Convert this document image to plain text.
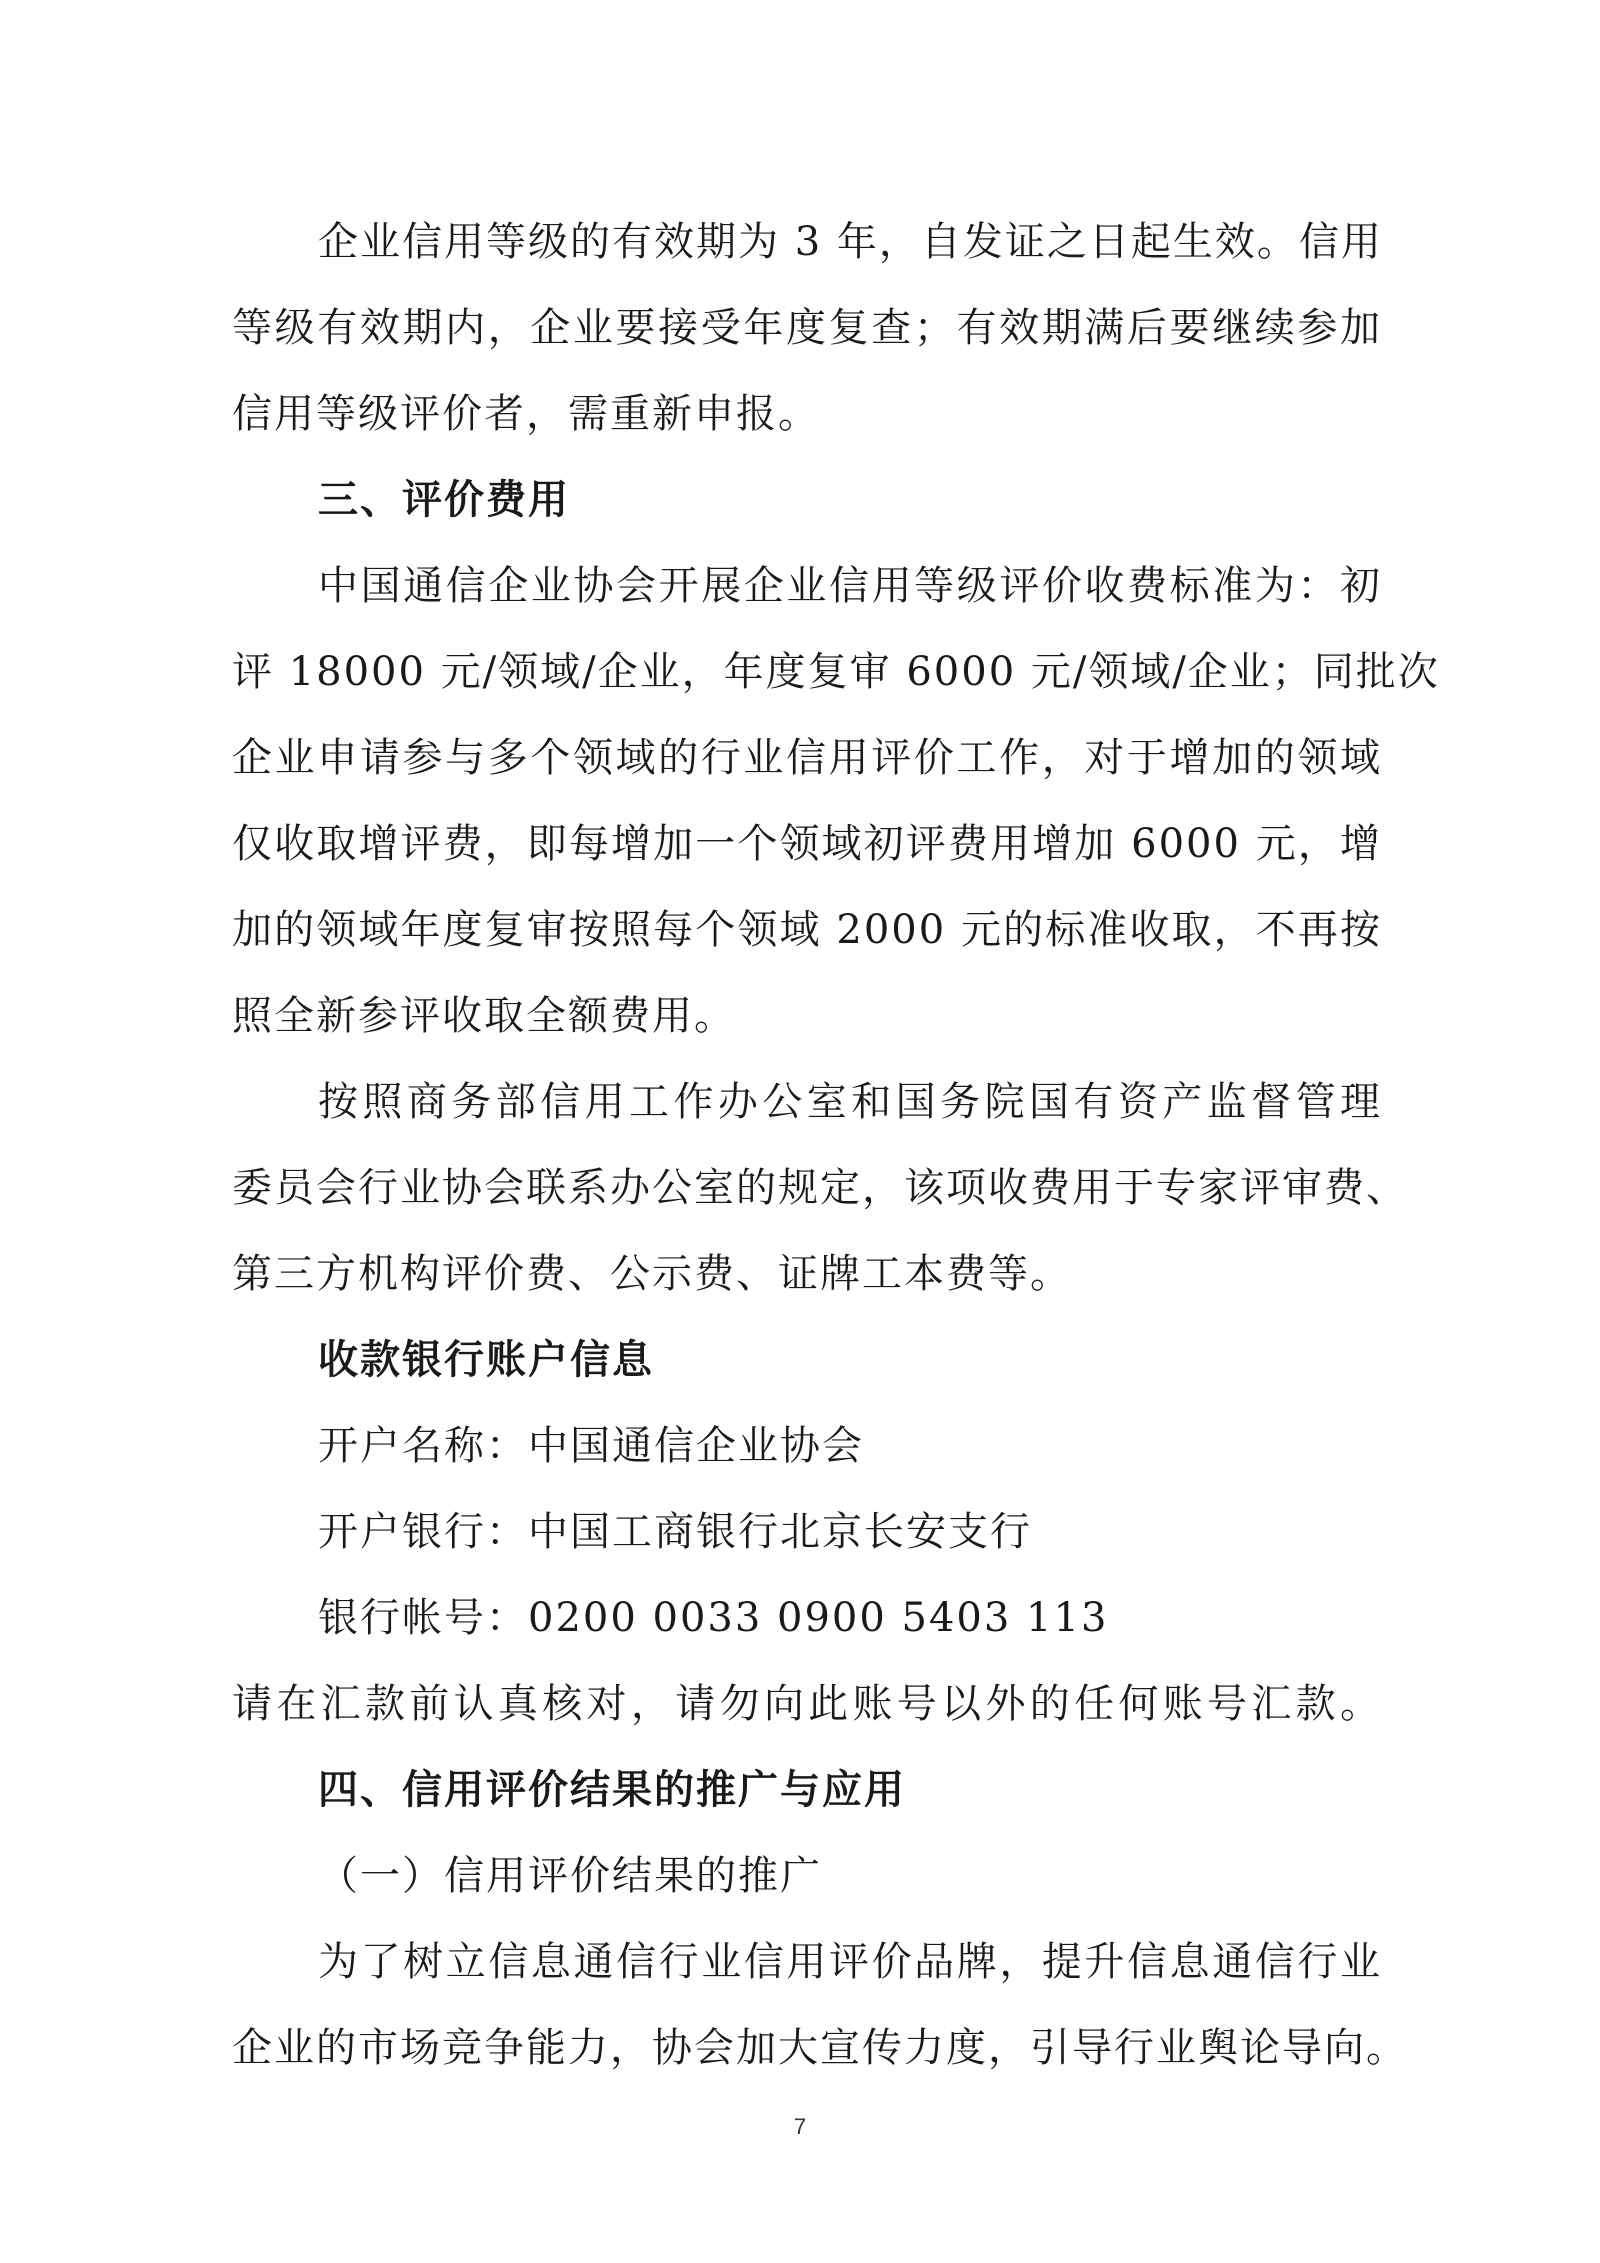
企业信用等级的有效期为 3 年，自发证之日起生效。信用
等级有效期内，企业要接受年度复查；有效期满后要继续参加
信用等级评价者，需重新申报。
三、评价费用
中国通信企业协会开展企业信用等级评价收费标准为：初
评 18000 元/领域/企业，年度复审 6000 元/领域/企业；同批次
企业申请参与多个领域的行业信用评价工作，对于增加的领域
仅收取增评费，即每增加一个领域初评费用增加 6000 元，增
加的领域年度复审按照每个领域 2000 元的标准收取，不再按
照全新参评收取全额费用。
按照商务部信用工作办公室和国务院国有资产监督管理
委员会行业协会联系办公室的规定，该项收费用于专家评审费、
第三方机构评价费、公示费、证牌工本费等。
收款银行账户信息
开户名称：中国通信企业协会
开户银行：中国工商银行北京长安支行
银行帐号：0200 0033 0900 5403 113
请在汇款前认真核对，请勿向此账号以外的任何账号汇款。
四、信用评价结果的推广与应用
（一）信用评价结果的推广
为了树立信息通信行业信用评价品牌，提升信息通信行业
企业的市场竞争能力，协会加大宣传力度，引导行业舆论导向。
7
